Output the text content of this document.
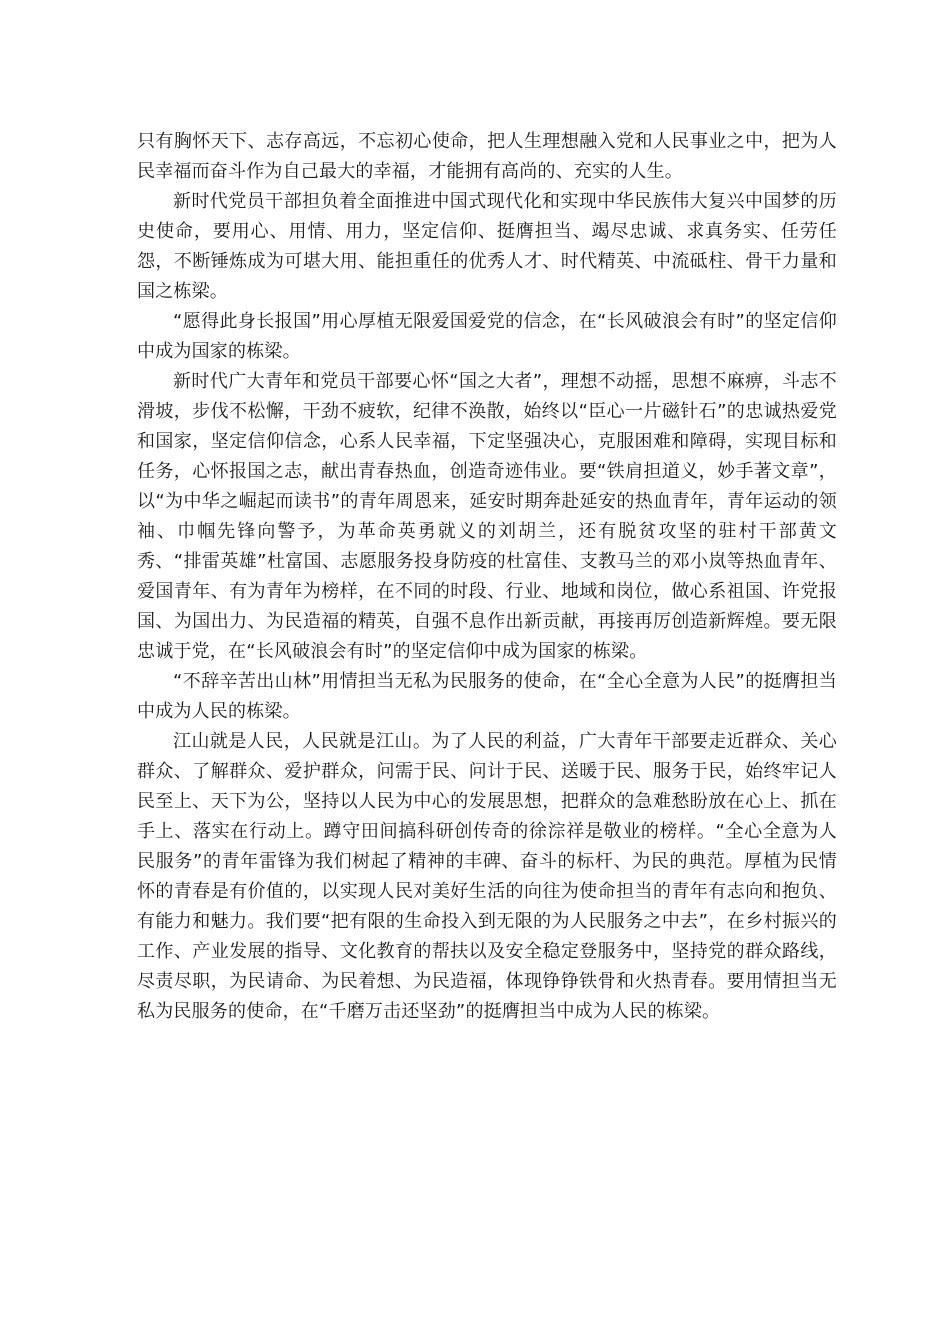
只有胸怀天下、志存高远，不忘初心使命，把人生理想融入党和人民事业之中，把为人民幸福而奋斗作为自己最大的幸福，才能拥有高尚的、充实的人生。

新时代党员干部担负着全面推进中国式现代化和实现中华民族伟大复兴中国梦的历史使命，要用心、用情、用力，坚定信仰、挺膺担当、竭尽忠诚、求真务实、任劳任怨，不断锤炼成为可堪大用、能担重任的优秀人才、时代精英、中流砥柱、骨干力量和国之栋梁。

“愿得此身长报国”用心厚植无限爱国爱党的信念，在“长风破浪会有时”的坚定信仰中成为国家的栋梁。

新时代广大青年和党员干部要心怀“国之大者”，理想不动摇，思想不麻痹，斗志不滑坡，步伐不松懈，干劲不疲软，纪律不涣散，始终以“臣心一片磁针石”的忠诚热爱党和国家，坚定信仰信念，心系人民幸福，下定坚强决心，克服困难和障碍，实现目标和任务，心怀报国之志，献出青春热血，创造奇迹伟业。要“铁肩担道义，妙手著文章”，以“为中华之崛起而读书”的青年周恩来，延安时期奔赴延安的热血青年，青年运动的领袖、巾帼先锋向警予，为革命英勇就义的刘胡兰，还有脱贫攻坚的驻村干部黄文秀、“排雷英雄”杜富国、志愿服务投身防疫的杜富佳、支教马兰的邓小岚等热血青年、爱国青年、有为青年为榜样，在不同的时段、行业、地域和岗位，做心系祖国、许党报国、为国出力、为民造福的精英，自强不息作出新贡献，再接再厉创造新辉煌。要无限忠诚于党，在“长风破浪会有时”的坚定信仰中成为国家的栋梁。

“不辞辛苦出山林”用情担当无私为民服务的使命，在“全心全意为人民”的挺膺担当中成为人民的栋梁。

江山就是人民，人民就是江山。为了人民的利益，广大青年干部要走近群众、关心群众、了解群众、爱护群众，问需于民、问计于民、送暖于民、服务于民，始终牢记人民至上、天下为公，坚持以人民为中心的发展思想，把群众的急难愁盼放在心上、抓在手上、落实在行动上。蹲守田间搞科研创传奇的徐淙祥是敬业的榜样。“全心全意为人民服务”的青年雷锋为我们树起了精神的丰碑、奋斗的标杆、为民的典范。厚植为民情怀的青春是有价值的，以实现人民对美好生活的向往为使命担当的青年有志向和抱负、有能力和魅力。我们要“把有限的生命投入到无限的为人民服务之中去”，在乡村振兴的工作、产业发展的指导、文化教育的帮扶以及安全稳定登服务中，坚持党的群众路线，尽责尽职，为民请命、为民着想、为民造福，体现铮铮铁骨和火热青春。要用情担当无私为民服务的使命，在“千磨万击还坚劲”的挺膺担当中成为人民的栋梁。
